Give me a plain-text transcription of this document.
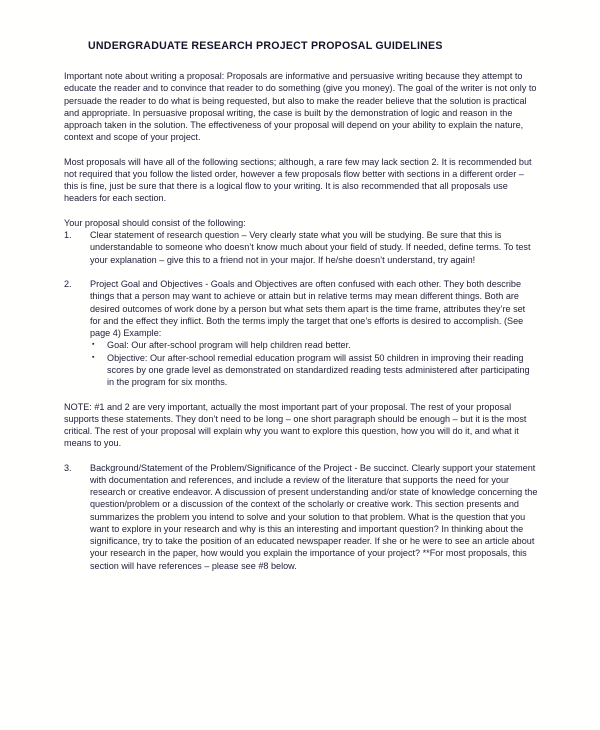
UNDERGRADUATE RESEARCH PROJECT PROPOSAL GUIDELINES

Important note about writing a proposal: Proposals are informative and persuasive writing because they attempt to educate the reader and to convince that reader to do something (give you money). The goal of the writer is not only to persuade the reader to do what is being requested, but also to make the reader believe that the solution is practical and appropriate. In persuasive proposal writing, the case is built by the demonstration of logic and reason in the approach taken in the solution. The effectiveness of your proposal will depend on your ability to explain the nature, context and scope of your project.

Most proposals will have all of the following sections; although, a rare few may lack section 2. It is recommended but not required that you follow the listed order, however a few proposals flow better with sections in a different order – this is fine, just be sure that there is a logical flow to your writing. It is also recommended that all proposals use headers for each section.

Your proposal should consist of the following:

1.	Clear statement of research question – Very clearly state what you will be studying. Be sure that this is understandable to someone who doesn’t know much about your field of study. If needed, define terms. To test your explanation – give this to a friend not in your major. If he/she doesn’t understand, try again!
2.	Project Goal and Objectives - Goals and Objectives are often confused with each other. They both describe things that a person may want to achieve or attain but in relative terms may mean different things. Both are desired outcomes of work done by a person but what sets them apart is the time frame, attributes they’re set for and the effect they inflict. Both the terms imply the target that one’s efforts is desired to accomplish. (See page 4) Example:
▪	Goal: Our after-school program will help children read better.
▪	Objective: Our after-school remedial education program will assist 50 children in improving their reading scores by one grade level as demonstrated on standardized reading tests administered after participating in the program for six months.

NOTE: #1 and 2 are very important, actually the most important part of your proposal. The rest of your proposal supports these statements. They don’t need to be long – one short paragraph should be enough – but it is the most critical. The rest of your proposal will explain why you want to explore this question, how you will do it, and what it means to you.

3.	Background/Statement of the Problem/Significance of the Project - Be succinct. Clearly support your statement with documentation and references, and include a review of the literature that supports the need for your research or creative endeavor. A discussion of present understanding and/or state of knowledge concerning the question/problem or a discussion of the context of the scholarly or creative work. This section presents and summarizes the problem you intend to solve and your solution to that problem. What is the question that you want to explore in your research and why is this an interesting and important question? In thinking about the significance, try to take the position of an educated newspaper reader. If she or he were to see an article about your research in the paper, how would you explain the importance of your project? **For most proposals, this section will have references – please see #8 below.
